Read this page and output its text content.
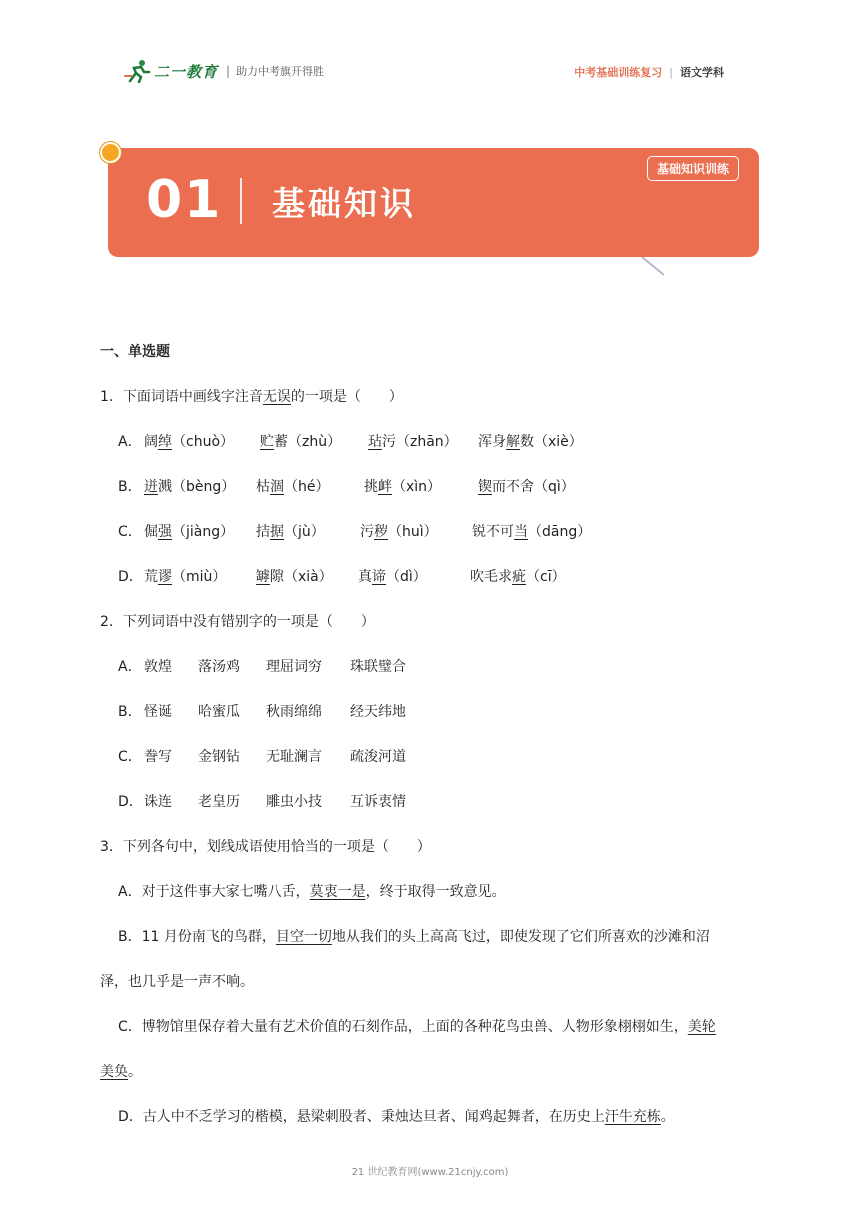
二一教育 | 助力中考旗开得胜	中考基础训练复习 | 语文学科
01 基础知识
基础知识训练
一、单选题
1．下面词语中画线字注音无误的一项是（　　）
A． 阔绰（chuò） 贮蓄（zhù） 玷污（zhān） 浑身解数（xiè）
B． 迸溅（bèng） 枯涸（hé） 挑衅（xìn）	锲而不舍（qì）
C． 倔强（jiàng） 拮据（jù）	污秽（huì） 锐不可当（dāng）
D．荒谬（miù） 罅隙（xià） 真谛（dì）	吹毛求疵（cī）
2．下列词语中没有错别字的一项是（　　）
A． 敦煌 落汤鸡 理屈词穷 珠联璧合
B． 怪诞 哈蜜瓜 秋雨绵绵 经天纬地
C． 誊写 金钢钻 无耻澜言 疏浚河道
D．诛连 老皇历 雕虫小技 互诉衷情
3．下列各句中，划线成语使用恰当的一项是（　　）
A．对于这件事大家七嘴八舌，莫衷一是，终于取得一致意见。
B．11 月份南飞的鸟群，目空一切地从我们的头上高高飞过，即使发现了它们所喜欢的沙滩和沼
泽，也几乎是一声不响。
C．博物馆里保存着大量有艺术价值的石刻作品，上面的各种花鸟虫兽、人物形象栩栩如生，美轮
美奂。
D．古人中不乏学习的楷模，悬梁刺股者、秉烛达旦者、闻鸡起舞者，在历史上汗牛充栋。
21 世纪教育网(www.21cnjy.com)
